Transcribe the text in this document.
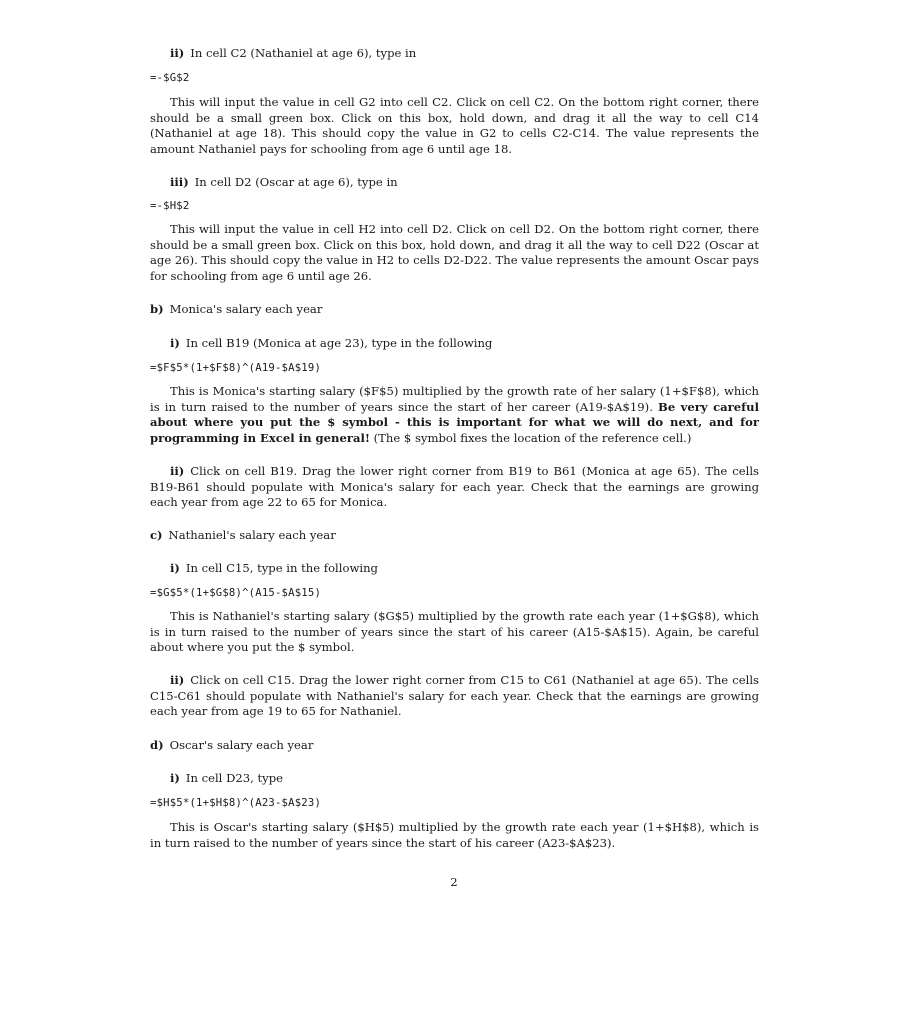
ii) In cell C2 (Nathaniel at age 6), type in
=-$G$2
This will input the value in cell G2 into cell C2. Click on cell C2. On the bottom right corner, there should be a small green box. Click on this box, hold down, and drag it all the way to cell C14 (Nathaniel at age 18). This should copy the value in G2 to cells C2-C14. The value represents the amount Nathaniel pays for schooling from age 6 until age 18.
iii) In cell D2 (Oscar at age 6), type in
=-$H$2
This will input the value in cell H2 into cell D2. Click on cell D2. On the bottom right corner, there should be a small green box. Click on this box, hold down, and drag it all the way to cell D22 (Oscar at age 26). This should copy the value in H2 to cells D2-D22. The value represents the amount Oscar pays for schooling from age 6 until age 26.
b) Monica's salary each year
i) In cell B19 (Monica at age 23), type in the following
=$F$5*(1+$F$8)^(A19-$A$19)
This is Monica's starting salary ($F$5) multiplied by the growth rate of her salary (1+$F$8), which is in turn raised to the number of years since the start of her career (A19-$A$19). Be very careful about where you put the $ symbol - this is important for what we will do next, and for programming in Excel in general! (The $ symbol fixes the location of the reference cell.)
ii) Click on cell B19. Drag the lower right corner from B19 to B61 (Monica at age 65). The cells B19-B61 should populate with Monica's salary for each year. Check that the earnings are growing each year from age 22 to 65 for Monica.
c) Nathaniel's salary each year
i) In cell C15, type in the following
=$G$5*(1+$G$8)^(A15-$A$15)
This is Nathaniel's starting salary ($G$5) multiplied by the growth rate each year (1+$G$8), which is in turn raised to the number of years since the start of his career (A15-$A$15). Again, be careful about where you put the $ symbol.
ii) Click on cell C15. Drag the lower right corner from C15 to C61 (Nathaniel at age 65). The cells C15-C61 should populate with Nathaniel's salary for each year. Check that the earnings are growing each year from age 19 to 65 for Nathaniel.
d) Oscar's salary each year
i) In cell D23, type
=$H$5*(1+$H$8)^(A23-$A$23)
This is Oscar's starting salary ($H$5) multiplied by the growth rate each year (1+$H$8), which is in turn raised to the number of years since the start of his career (A23-$A$23).
2
